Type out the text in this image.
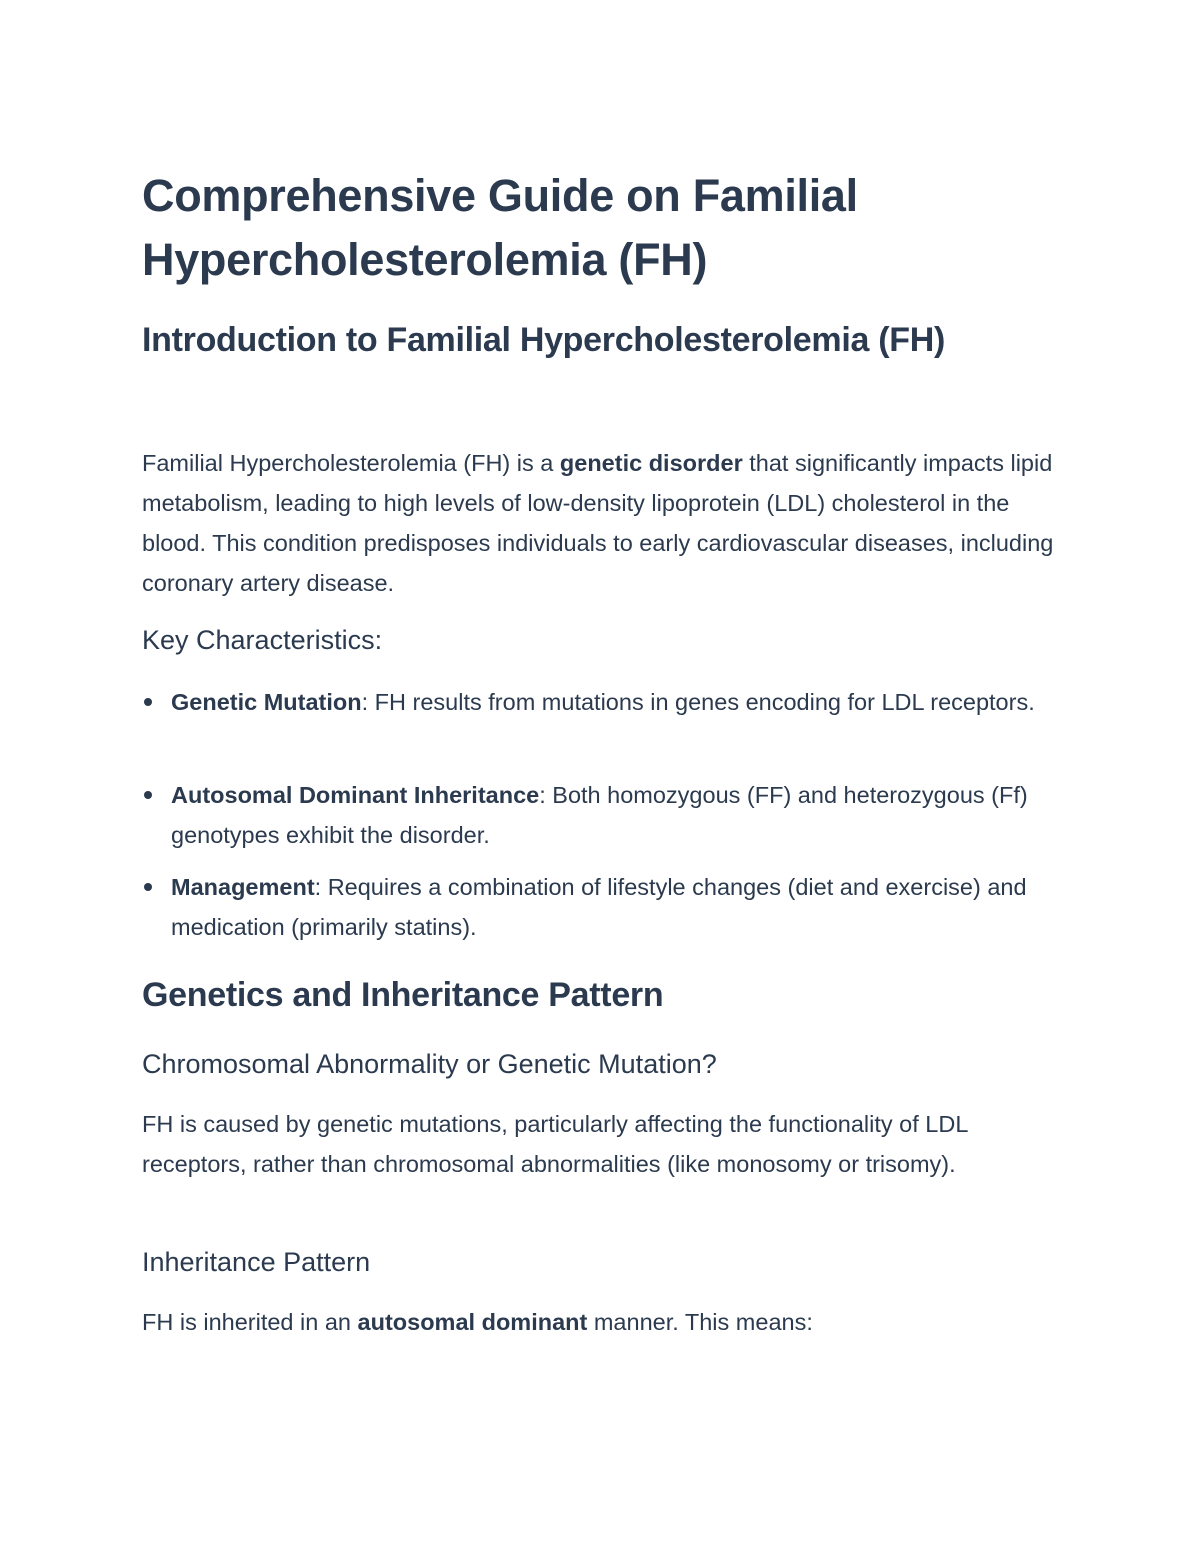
Comprehensive Guide on Familial Hypercholesterolemia (FH)
Introduction to Familial Hypercholesterolemia (FH)

Familial Hypercholesterolemia (FH) is a genetic disorder that significantly impacts lipid metabolism, leading to high levels of low-density lipoprotein (LDL) cholesterol in the blood. This condition predisposes individuals to early cardiovascular diseases, including coronary artery disease.

Key Characteristics:
Genetic Mutation: FH results from mutations in genes encoding for LDL receptors.
Autosomal Dominant Inheritance: Both homozygous (FF) and heterozygous (Ff) genotypes exhibit the disorder.
Management: Requires a combination of lifestyle changes (diet and exercise) and medication (primarily statins).
Genetics and Inheritance Pattern
Chromosomal Abnormality or Genetic Mutation?

FH is caused by genetic mutations, particularly affecting the functionality of LDL receptors, rather than chromosomal abnormalities (like monosomy or trisomy).

Inheritance Pattern

FH is inherited in an autosomal dominant manner. This means:
